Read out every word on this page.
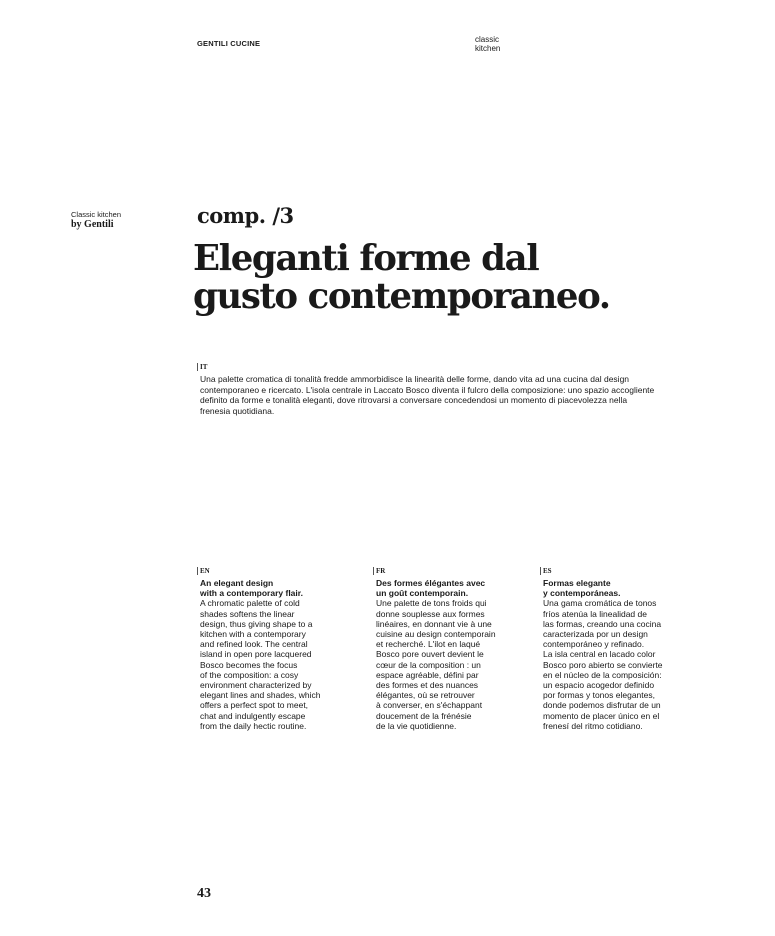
GENTILI CUCINE	classic
kitchen
Classic kitchen
by Gentili	comp. /3
Eleganti forme dal
gusto contemporaneo.
IT

Una palette cromatica di tonalità fredde ammorbidisce la linearità delle forme, dando vita ad una cucina dal design contemporaneo e ricercato. L'isola centrale in Laccato Bosco diventa il fulcro della composizione: uno spazio accogliente definito da forme e tonalità eleganti, dove ritrovarsi a conversare concedendosi un momento di piacevolezza nella frenesia quotidiana.

EN
An elegant design
with a contemporary flair.
A chromatic palette of cold
shades softens the linear
design, thus giving shape to a
kitchen with a contemporary
and refined look. The central
island in open pore lacquered
Bosco becomes the focus
of the composition: a cosy
environment characterized by
elegant lines and shades, which
offers a perfect spot to meet,
chat and indulgently escape
from the daily hectic routine.
FR
Des formes élégantes avec
un goût contemporain.
Une palette de tons froids qui
donne souplesse aux formes
linéaires, en donnant vie à une
cuisine au design contemporain
et recherché. L'ilot en laqué
Bosco pore ouvert devient le
cœur de la composition : un
espace agréable, défini par
des formes et des nuances
élégantes, où se retrouver
à converser, en s'échappant
doucement de la frénésie
de la vie quotidienne.
ES
Formas elegante
y contemporáneas.
Una gama cromática de tonos
fríos atenúa la linealidad de
las formas, creando una cocina
caracterizada por un design
contemporáneo y refinado.
La isla central en lacado color
Bosco poro abierto se convierte
en el núcleo de la composición:
un espacio acogedor definido
por formas y tonos elegantes,
donde podemos disfrutar de un
momento de placer único en el
frenesí del ritmo cotidiano.
43
